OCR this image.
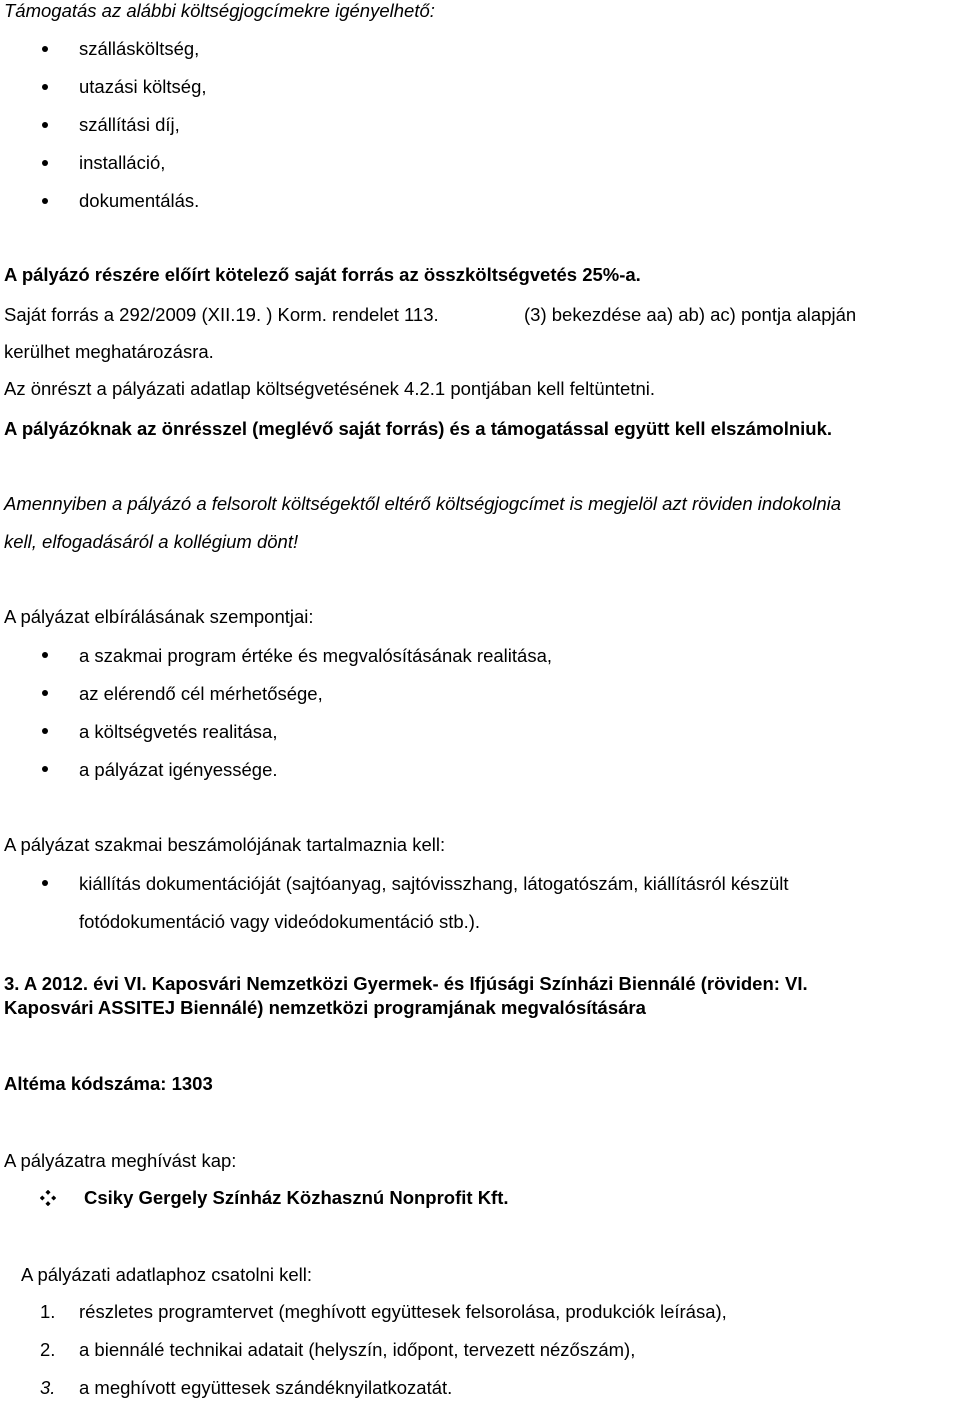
Támogatás az alábbi költségjogcímekre igényelhető:
szállásköltség,
utazási költség,
szállítási díj,
installáció,
dokumentálás.
A pályázó részére előírt kötelező saját forrás az összköltségvetés 25%-a.
Saját forrás a 292/2009 (XII.19. ) Korm. rendelet 113.	(3) bekezdése aa) ab) ac) pontja alapján
kerülhet meghatározásra.
Az önrészt a pályázati adatlap költségvetésének 4.2.1 pontjában kell feltüntetni.
A pályázóknak az önrésszel (meglévő saját forrás) és a támogatással együtt kell elszámolniuk.
Amennyiben a pályázó a felsorolt költségektől eltérő költségjogcímet is megjelöl azt röviden indokolnia
kell, elfogadásáról a kollégium dönt!
A pályázat elbírálásának szempontjai:
a szakmai program értéke és megvalósításának realitása,
az elérendő cél mérhetősége,
a költségvetés realitása,
a pályázat igényessége.
A pályázat szakmai beszámolójának tartalmaznia kell:
kiállítás dokumentációját (sajtóanyag, sajtóvisszhang, látogatószám, kiállításról készült
fotódokumentáció vagy videódokumentáció stb.).
3. A 2012. évi VI. Kaposvári Nemzetközi Gyermek- és Ifjúsági Színházi Biennálé (röviden: VI.
Kaposvári ASSITEJ Biennálé) nemzetközi programjának megvalósítására
Altéma kódszáma: 1303
A pályázatra meghívást kap:
Csiky Gergely Színház Közhasznú Nonprofit Kft.
A pályázati adatlaphoz csatolni kell:
1. részletes programtervet (meghívott együttesek felsorolása, produkciók leírása),
2. a biennálé technikai adatait (helyszín, időpont, tervezett nézőszám),
3. a meghívott együttesek szándéknyilatkozatát.
